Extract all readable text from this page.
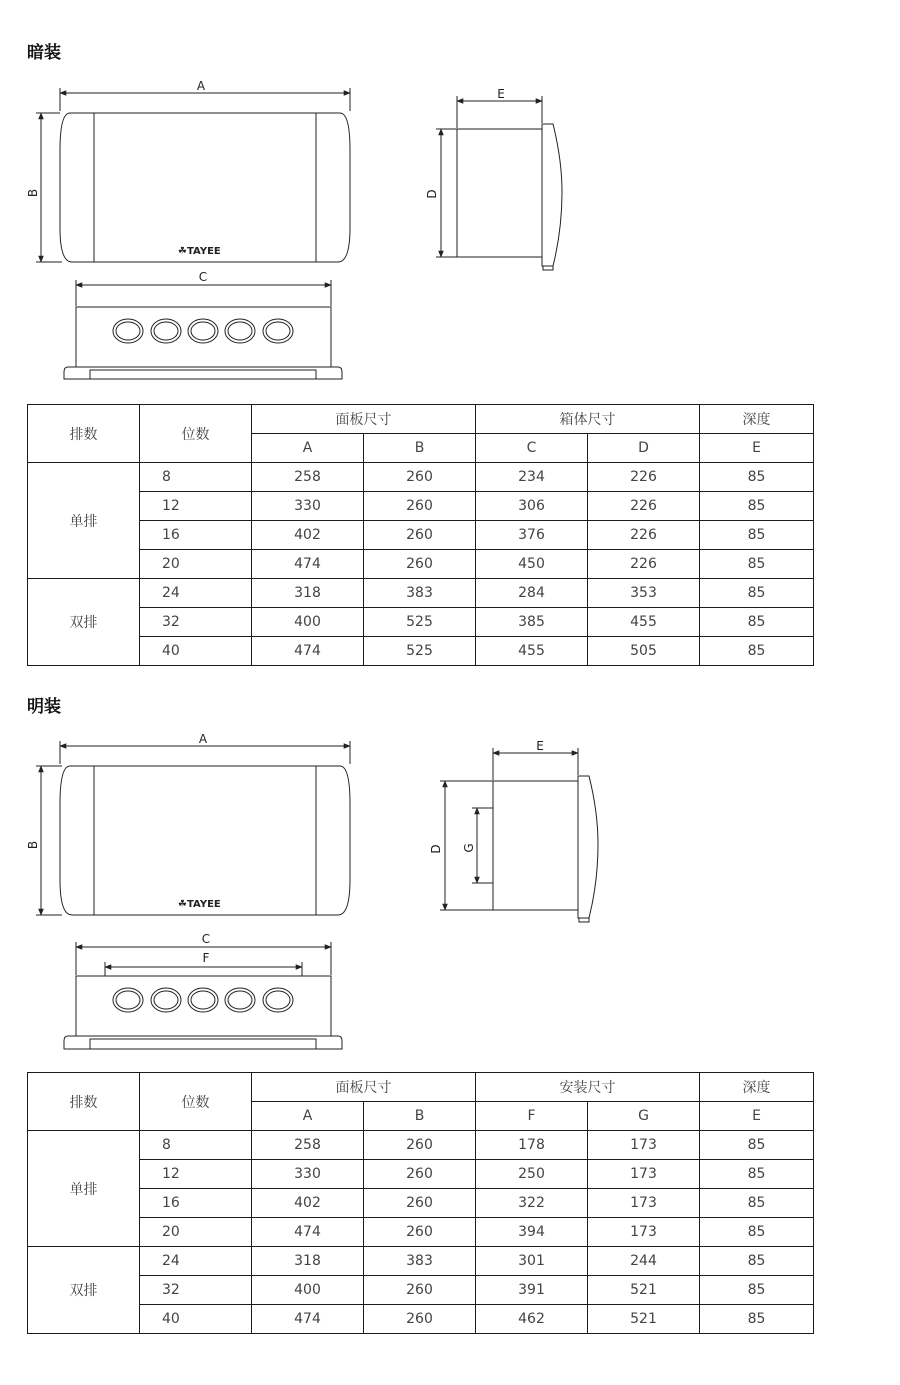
暗装
A
B
☘ TAYEE
E
D
C
排数	位数	面板尺寸		箱体尺寸		深度
		A	B	C	D	E
单排	8	258	260	234	226	85
	12	330	260	306	226	85
	16	402	260	376	226	85
	20	474	260	450	226	85
双排	24	318	383	284	353	85
	32	400	525	385	455	85
	40	474	525	455	505	85
明装
A
B
☘ TAYEE
E
D G
C
F
排数	位数	面板尺寸		安装尺寸		深度
		A	B	F	G	E
单排	8	258	260	178	173	85
	12	330	260	250	173	85
	16	402	260	322	173	85
	20	474	260	394	173	85
双排	24	318	383	301	244	85
	32	400	260	391	521	85
	40	474	260	462	521	85
